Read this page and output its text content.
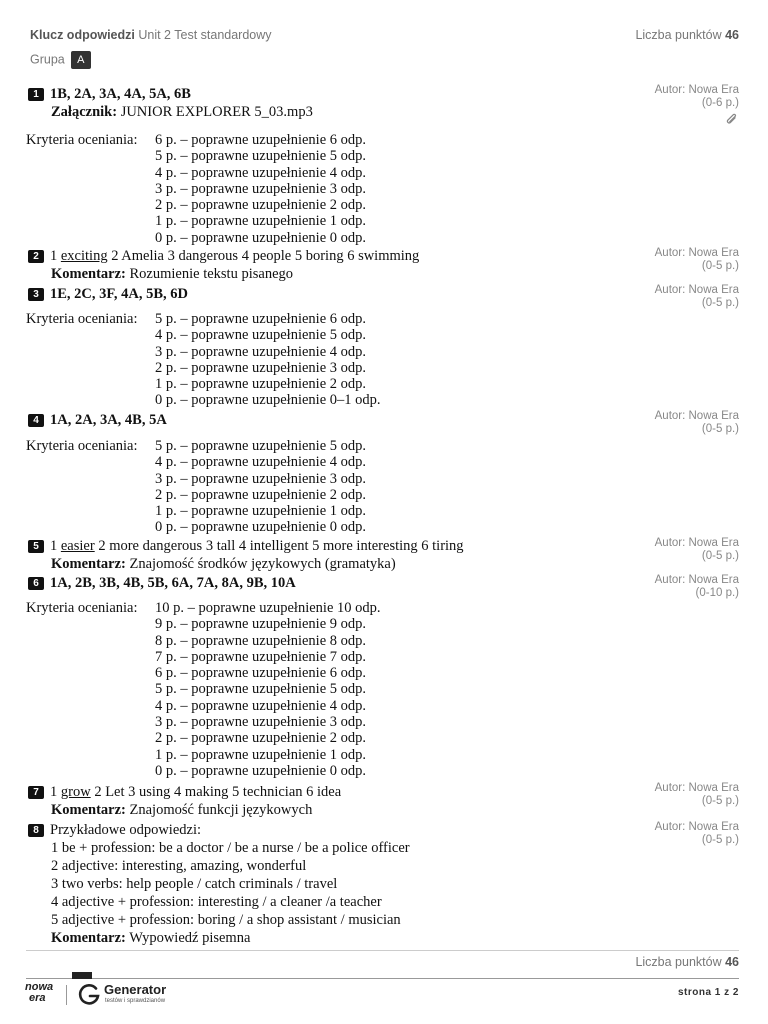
Klucz odpowiedzi Unit 2 Test standardowy	Liczba punktów 46
Grupa A
1 1B, 2A, 3A, 4A, 5A, 6B
Załącznik: JUNIOR EXPLORER 5_03.mp3
Autor: Nowa Era
(0-6 p.)
Kryteria oceniania: 6 p. – poprawne uzupełnienie 6 odp.
5 p. – poprawne uzupełnienie 5 odp.
4 p. – poprawne uzupełnienie 4 odp.
3 p. – poprawne uzupełnienie 3 odp.
2 p. – poprawne uzupełnienie 2 odp.
1 p. – poprawne uzupełnienie 1 odp.
0 p. – poprawne uzupełnienie 0 odp.
2 1 exciting 2 Amelia 3 dangerous 4 people 5 boring 6 swimming
Komentarz: Rozumienie tekstu pisanego
Autor: Nowa Era
(0-5 p.)
3 1E, 2C, 3F, 4A, 5B, 6D	Autor: Nowa Era
(0-5 p.)
Kryteria oceniania: 5 p. – poprawne uzupełnienie 6 odp.
4 p. – poprawne uzupełnienie 5 odp.
3 p. – poprawne uzupełnienie 4 odp.
2 p. – poprawne uzupełnienie 3 odp.
1 p. – poprawne uzupełnienie 2 odp.
0 p. – poprawne uzupełnienie 0–1 odp.
4 1A, 2A, 3A, 4B, 5A	Autor: Nowa Era
(0-5 p.)
Kryteria oceniania: 5 p. – poprawne uzupełnienie 5 odp.
4 p. – poprawne uzupełnienie 4 odp.
3 p. – poprawne uzupełnienie 3 odp.
2 p. – poprawne uzupełnienie 2 odp.
1 p. – poprawne uzupełnienie 1 odp.
0 p. – poprawne uzupełnienie 0 odp.
5 1 easier 2 more dangerous 3 tall 4 intelligent 5 more interesting 6 tiring
Komentarz: Znajomość środków językowych (gramatyka)
Autor: Nowa Era
(0-5 p.)
6 1A, 2B, 3B, 4B, 5B, 6A, 7A, 8A, 9B, 10A	Autor: Nowa Era
(0-10 p.)
Kryteria oceniania: 10 p. – poprawne uzupełnienie 10 odp.
9 p. – poprawne uzupełnienie 9 odp.
8 p. – poprawne uzupełnienie 8 odp.
7 p. – poprawne uzupełnienie 7 odp.
6 p. – poprawne uzupełnienie 6 odp.
5 p. – poprawne uzupełnienie 5 odp.
4 p. – poprawne uzupełnienie 4 odp.
3 p. – poprawne uzupełnienie 3 odp.
2 p. – poprawne uzupełnienie 2 odp.
1 p. – poprawne uzupełnienie 1 odp.
0 p. – poprawne uzupełnienie 0 odp.
7 1 grow 2 Let 3 using 4 making 5 technician 6 idea
Komentarz: Znajomość funkcji językowych
Autor: Nowa Era
(0-5 p.)
8 Przykładowe odpowiedzi:
1 be + profession: be a doctor / be a nurse / be a police officer
2 adjective: interesting, amazing, wonderful
3 two verbs: help people / catch criminals / travel
4 adjective + profession: interesting / a cleaner /a teacher
5 adjective + profession: boring / a shop assistant / musician
Komentarz: Wypowiedź pisemna
Autor: Nowa Era
(0-5 p.)
Liczba punktów 46
nowa
era
Generator
testów i sprawdzianów
strona 1 z 2
